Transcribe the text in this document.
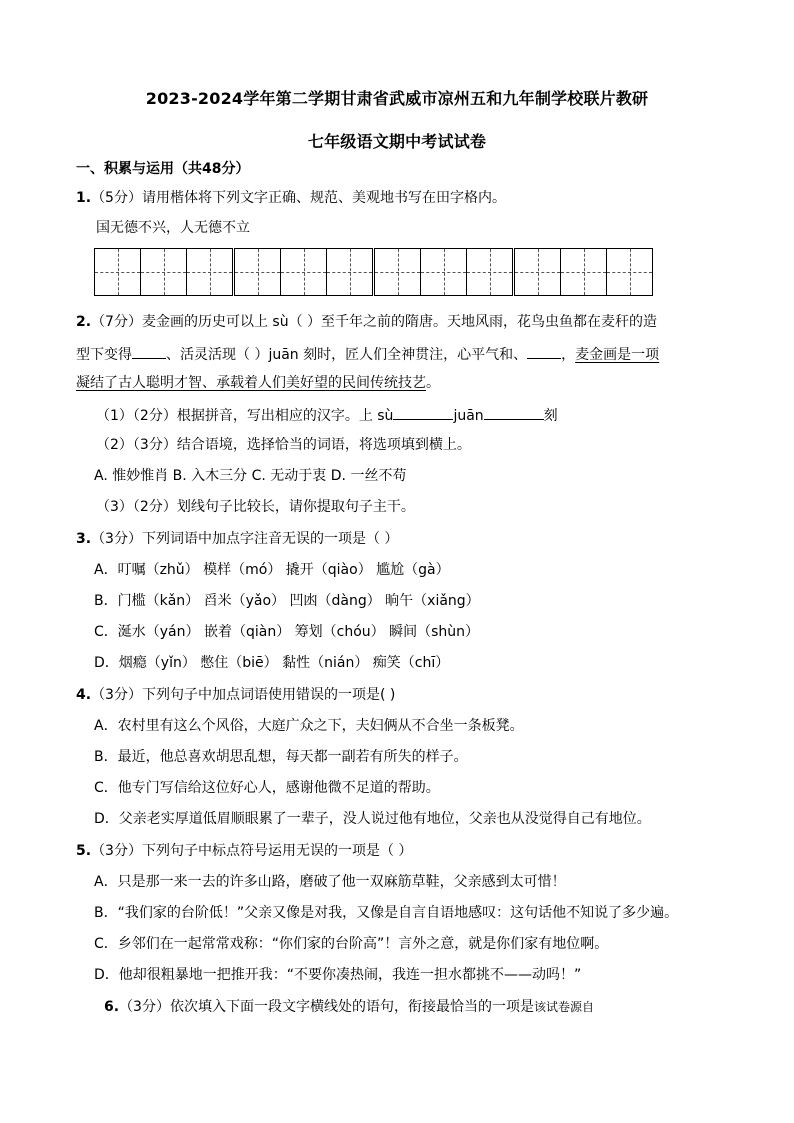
2023-2024学年第二学期甘肃省武威市凉州五和九年制学校联片教研
七年级语文期中考试试卷
一、积累与运用（共48分）
1.（5分）请用楷体将下列文字正确、规范、美观地书写在田字格内。
国无德不兴，人无德不立
2.（7分）麦金画的历史可以上 sù（ ）至千年之前的隋唐。天地风雨，花鸟虫鱼都在麦秆的造
型下变得 、活灵活现（ ）juān 刻时，匠人们全神贯注，心平气和、 ，麦金画是一项
凝结了古人聪明才智、承载着人们美好望的民间传统技艺。
（1）（2分）根据拼音，写出相应的汉字。上 sù	juān	刻
（2）（3分）结合语境，选择恰当的词语，将选项填到横上。
A. 惟妙惟肖 B. 入木三分 C. 无动于衷 D. 一丝不苟
（3）（2分）划线句子比较长，请你提取句子主干。
3.（3分）下列词语中加点字注音无误的一项是（ ）
A．叮嘱（zhǔ） 模样（mó） 撬开（qiào） 尴尬（gà）
B．门槛（kǎn） 舀米（yǎo） 凹凼（dàng） 晌午（xiǎng）
C．涎水（yán） 嵌着（qiàn） 筹划（chóu） 瞬间（shùn）
D．烟瘾（yǐn） 憋住（biē） 黏性（nián） 痴笑（chī）
4.（3分）下列句子中加点词语使用错误的一项是( )
A．农村里有这么个风俗，大庭广众之下，夫妇俩从不合坐一条板凳。
B．最近，他总喜欢胡思乱想，每天都一副若有所失的样子。
C．他专门写信给这位好心人，感谢他微不足道的帮助。
D．父亲老实厚道低眉顺眼累了一辈子，没人说过他有地位，父亲也从没觉得自己有地位。
5.（3分）下列句子中标点符号运用无误的一项是（ ）
A．只是那一来一去的许多山路，磨破了他一双麻筋草鞋，父亲感到太可惜！
B．“我们家的台阶低！”父亲又像是对我，又像是自言自语地感叹：这句话他不知说了多少遍。
C．乡邻们在一起常常戏称：“你们家的台阶高”！言外之意，就是你们家有地位啊。
D．他却很粗暴地一把推开我：“不要你凑热闹，我连一担水都挑不——动吗！”
6.（3分）依次填入下面一段文字横线处的语句，衔接最恰当的一项是该试卷源自
